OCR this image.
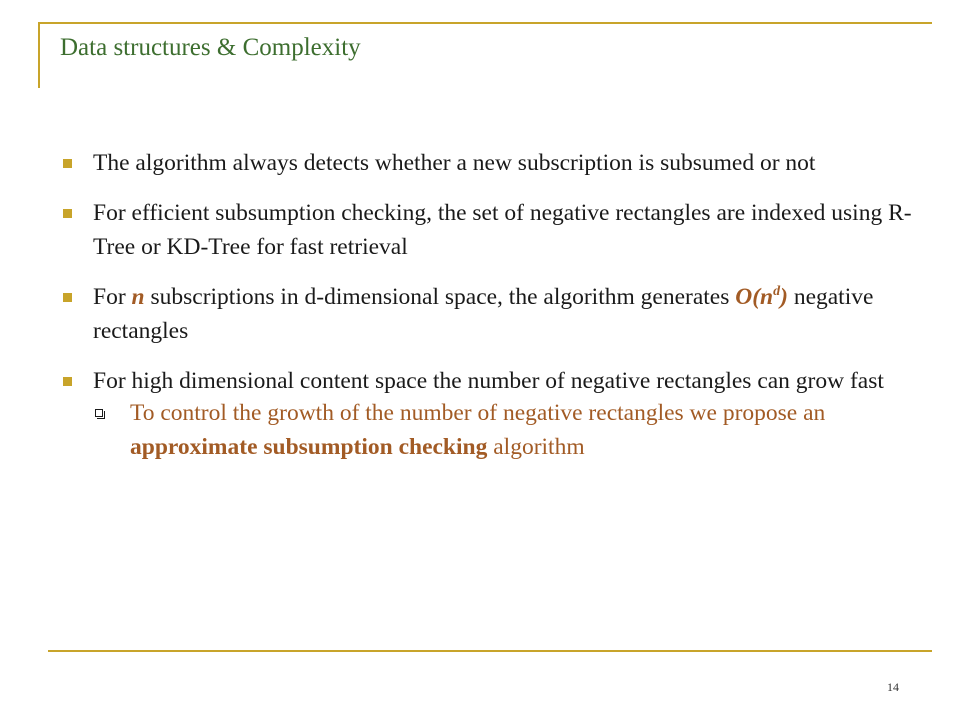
Data structures & Complexity
The algorithm always detects whether a new subscription is subsumed or not
For efficient subsumption checking, the set of negative rectangles are indexed using R-Tree or KD-Tree for fast retrieval
For n subscriptions in d-dimensional space, the algorithm generates $O(n^d)$ negative rectangles
For high dimensional content space the number of negative rectangles can grow fast
To control the growth of the number of negative rectangles we propose an approximate subsumption checking algorithm
14
